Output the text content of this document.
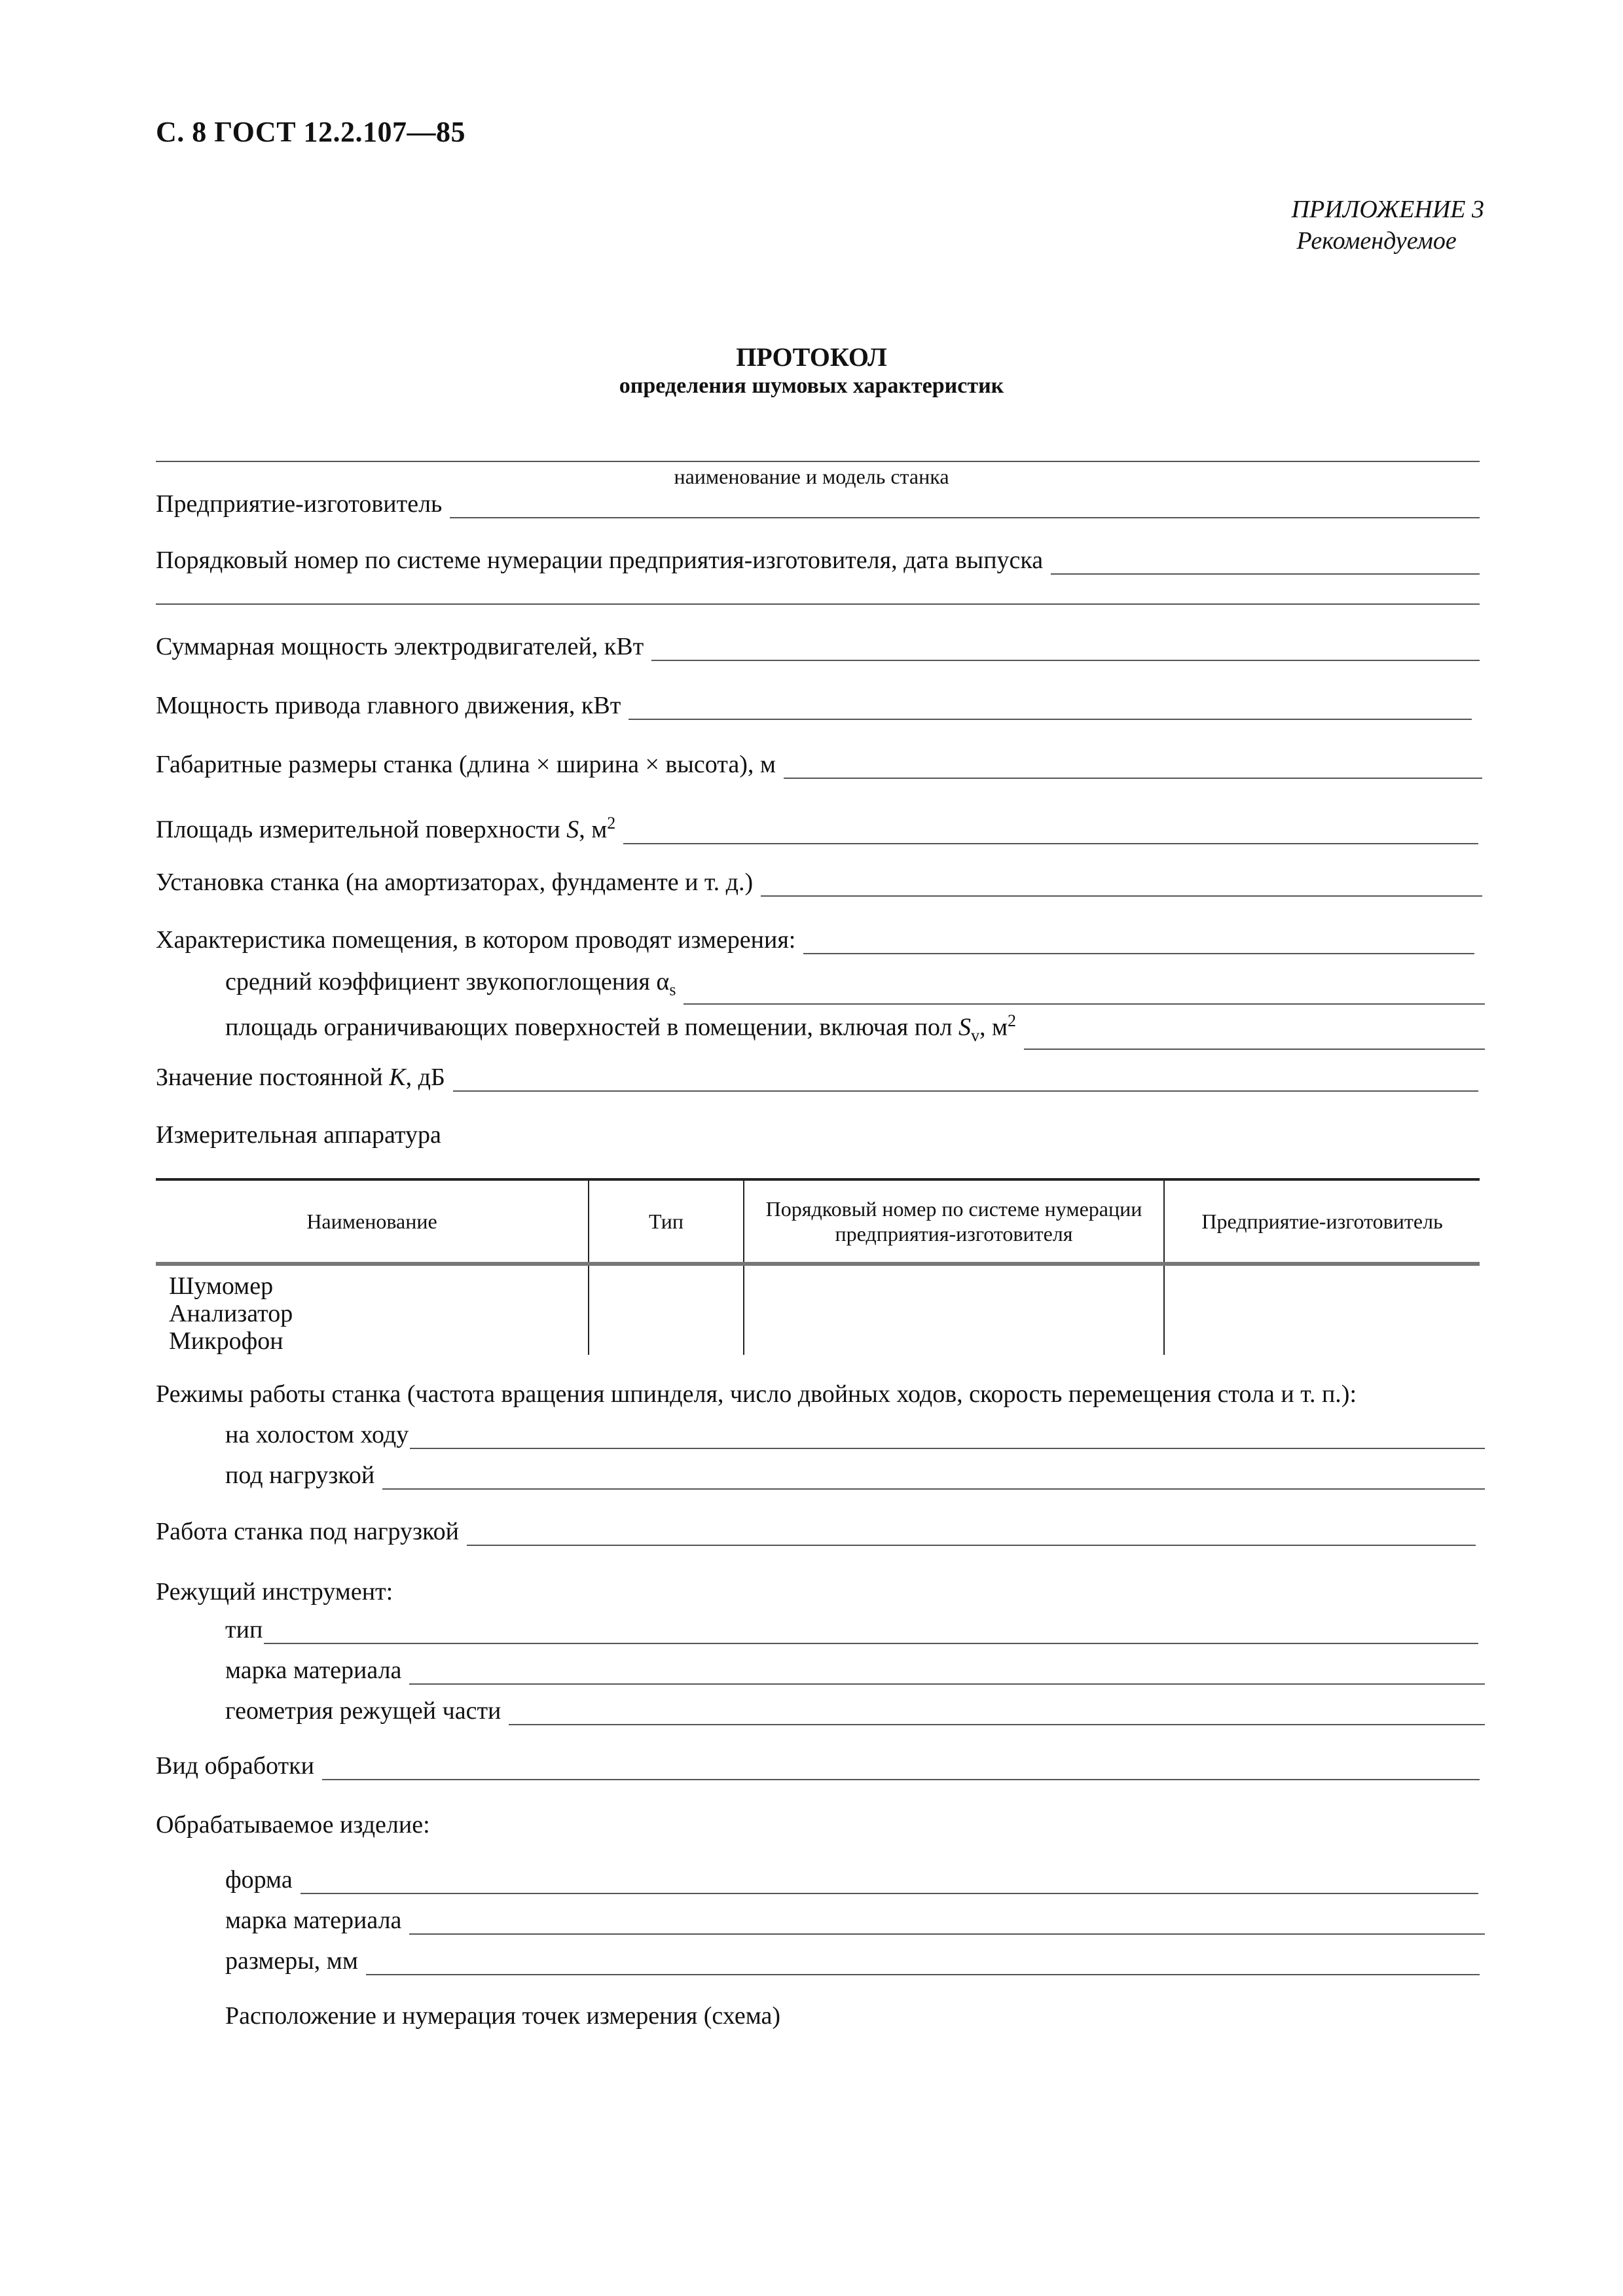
С. 8 ГОСТ 12.2.107—85
ПРИЛОЖЕНИЕ 3
Рекомендуемое
ПРОТОКОЛ
определения шумовых характеристик
наименование и модель станка
Предприятие-изготовитель
Порядковый номер по системе нумерации предприятия-изготовителя, дата выпуска
Суммарная мощность электродвигателей, кВт
Мощность привода главного движения, кВт
Габаритные размеры станка (длина × ширина × высота), м
Площадь измерительной поверхности S, $м^2$
Установка станка (на амортизаторах, фундаменте и т. д.)
Характеристика помещения, в котором проводят измерения:
средний коэффициент звукопоглощения $\alpha_s$
площадь ограничивающих поверхностей в помещении, включая пол $S_v$, $м^2$
Значение постоянной K, дБ
Измерительная аппаратура
Наименование	Тип	Порядковый номер по системе нумерации предприятия-изготовителя	Предприятие-изготовитель

Шумомер
Анализатор
Микрофон			

Режимы работы станка (частота вращения шпинделя, число двойных ходов, скорость перемещения стола и т. п.):
на холостом ходу
под нагрузкой
Работа станка под нагрузкой
Режущий инструмент:
тип
марка материала
геометрия режущей части
Вид обработки
Обрабатываемое изделие:
форма
марка материала
размеры, мм
Расположение и нумерация точек измерения (схема)
